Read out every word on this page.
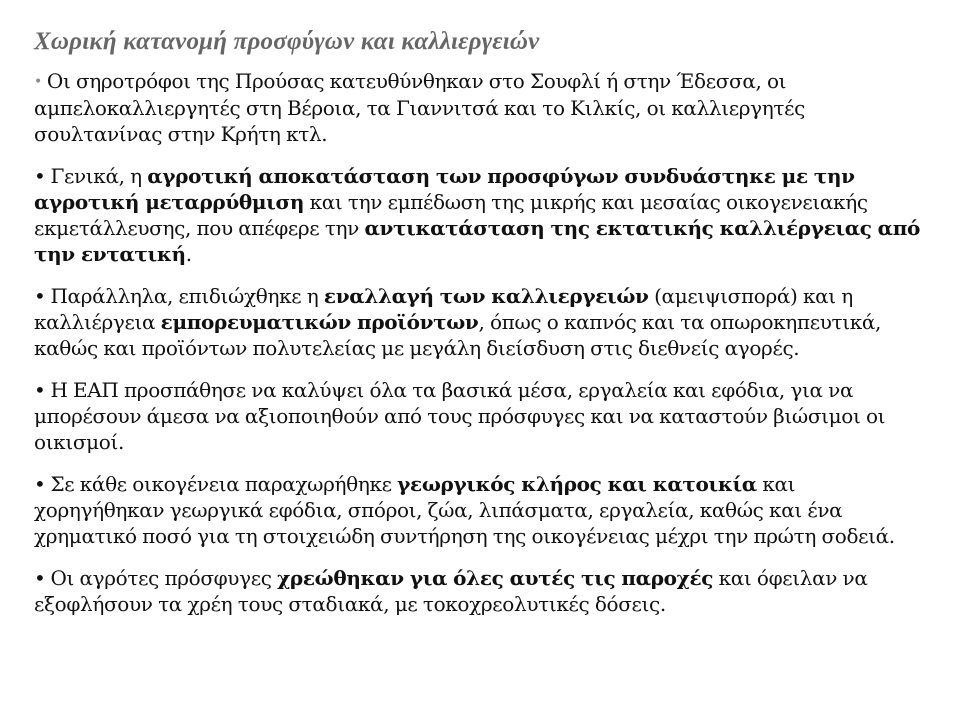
Χωρική κατανομή προσφύγων και καλλιεργειών
• Οι σηροτρόφοι της Προύσας κατευθύνθηκαν στο Σουφλί ή στην Έδεσσα, οι αμπελοκαλλιεργητές στη Βέροια, τα Γιαννιτσά και το Κιλκίς, οι καλλιεργητές σουλτανίνας στην Κρήτη κτλ.
• Γενικά, η αγροτική αποκατάσταση των προσφύγων συνδυάστηκε με την αγροτική μεταρρύθμιση και την εμπέδωση της μικρής και μεσαίας οικογενειακής εκμετάλλευσης, που απέφερε την αντικατάσταση της εκτατικής καλλιέργειας από την εντατική.
• Παράλληλα, επιδιώχθηκε η εναλλαγή των καλλιεργειών (αμειψισπορά) και η καλλιέργεια εμπορευματικών προϊόντων, όπως ο καπνός και τα οπωροκηπευτικά, καθώς και προϊόντων πολυτελείας με μεγάλη διείσδυση στις διεθνείς αγορές.
• Η ΕΑΠ προσπάθησε να καλύψει όλα τα βασικά μέσα, εργαλεία και εφόδια, για να μπορέσουν άμεσα να αξιοποιηθούν από τους πρόσφυγες και να καταστούν βιώσιμοι οι οικισμοί.
• Σε κάθε οικογένεια παραχωρήθηκε γεωργικός κλήρος και κατοικία και χορηγήθηκαν γεωργικά εφόδια, σπόροι, ζώα, λιπάσματα, εργαλεία, καθώς και ένα χρηματικό ποσό για τη στοιχειώδη συντήρηση της οικογένειας μέχρι την πρώτη σοδειά.
• Οι αγρότες πρόσφυγες χρεώθηκαν για όλες αυτές τις παροχές και όφειλαν να εξοφλήσουν τα χρέη τους σταδιακά, με τοκοχρεολυτικές δόσεις.
